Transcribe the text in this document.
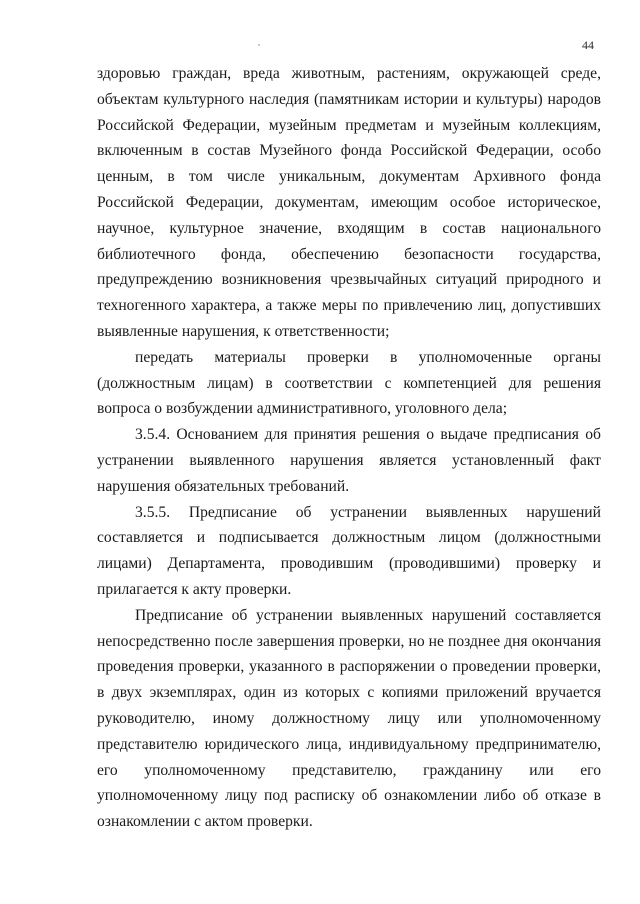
44

здоровью граждан, вреда животным, растениям, окружающей среде, объектам культурного наследия (памятникам истории и культуры) народов Российской Федерации, музейным предметам и музейным коллекциям, включенным в состав Музейного фонда Российской Федерации, особо ценным, в том числе уникальным, документам Архивного фонда Российской Федерации, документам, имеющим особое историческое, научное, культурное значение, входящим в состав национального библиотечного фонда, обеспечению безопасности государства, предупреждению возникновения чрезвычайных ситуаций природного и техногенного характера, а также меры по привлечению лиц, допустивших выявленные нарушения, к ответственности;

передать материалы проверки в уполномоченные органы (должностным лицам) в соответствии с компетенцией для решения вопроса о возбуждении административного, уголовного дела;

3.5.4. Основанием для принятия решения о выдаче предписания об устранении выявленного нарушения является установленный факт нарушения обязательных требований.

3.5.5. Предписание об устранении выявленных нарушений составляется и подписывается должностным лицом (должностными лицами) Департамента, проводившим (проводившими) проверку и прилагается к акту проверки.

Предписание об устранении выявленных нарушений составляется непосредственно после завершения проверки, но не позднее дня окончания проведения проверки, указанного в распоряжении о проведении проверки, в двух экземплярах, один из которых с копиями приложений вручается руководителю, иному должностному лицу или уполномоченному представителю юридического лица, индивидуальному предпринимателю, его уполномоченному представителю, гражданину или его уполномоченному лицу под расписку об ознакомлении либо об отказе в ознакомлении с актом проверки.
